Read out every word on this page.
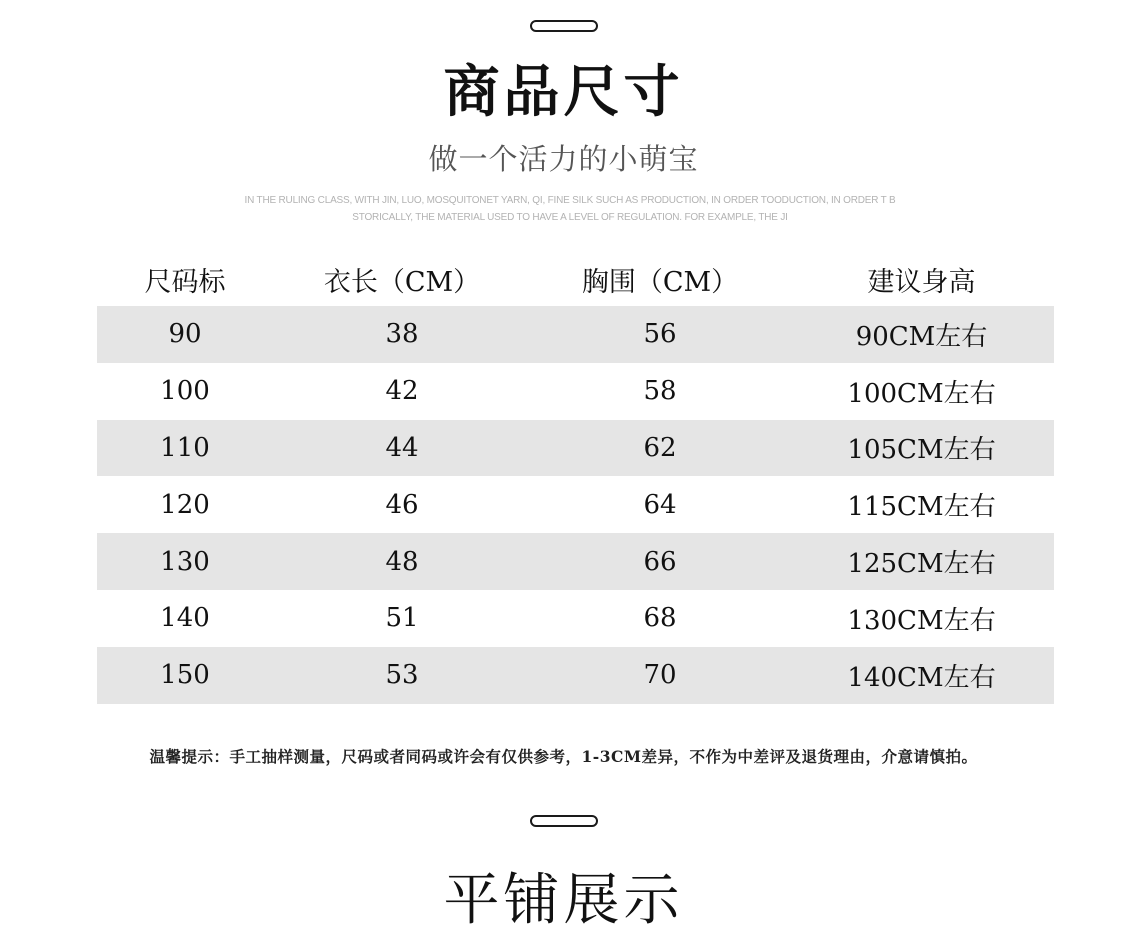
商品尺寸
做一个活力的小萌宝
IN THE RULING CLASS, WITH JIN, LUO, MOSQUITONET YARN, QI, FINE SILK SUCH AS PRODUCTION, IN ORDER TOODUCTION, IN ORDER T B
STORICALLY, THE MATERIAL USED TO HAVE A LEVEL OF REGULATION. FOR EXAMPLE, THE JI
尺码标	衣长（CM）	胸围（CM）	建议身高
90	38	56	90CM左右
100	42	58	100CM左右
110	44	62	105CM左右
120	46	64	115CM左右
130	48	66	125CM左右
140	51	68	130CM左右
150	53	70	140CM左右
温馨提示：手工抽样测量，尺码或者同码或许会有仅供参考，1-3CM差异，不作为中差评及退货理由，介意请慎拍。
平铺展示
